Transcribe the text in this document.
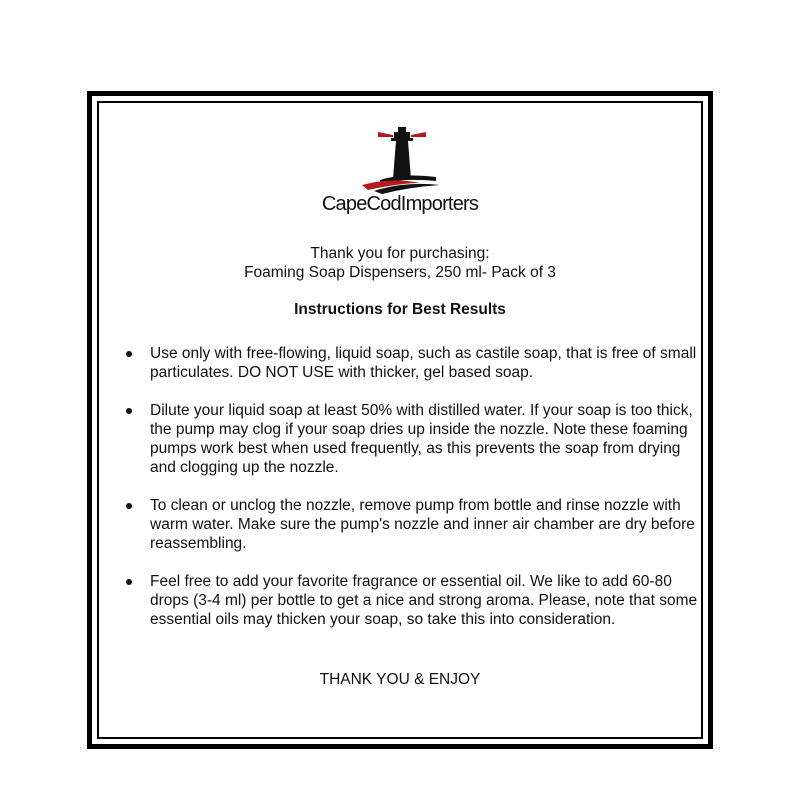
CapeCodImporters
Thank you for purchasing:
Foaming Soap Dispensers, 250 ml- Pack of 3
Instructions for Best Results
Use only with free-flowing, liquid soap, such as castile soap, that is free of small particulates. DO NOT USE with thicker, gel based soap.
Dilute your liquid soap at least 50% with distilled water. If your soap is too thick, the pump may clog if your soap dries up inside the nozzle. Note these foaming pumps work best when used frequently, as this prevents the soap from drying and clogging up the nozzle.
To clean or unclog the nozzle, remove pump from bottle and rinse nozzle with warm water. Make sure the pump's nozzle and inner air chamber are dry before reassembling.
Feel free to add your favorite fragrance or essential oil. We like to add 60-80 drops (3-4 ml) per bottle to get a nice and strong aroma. Please, note that some essential oils may thicken your soap, so take this into consideration.
THANK YOU & ENJOY
